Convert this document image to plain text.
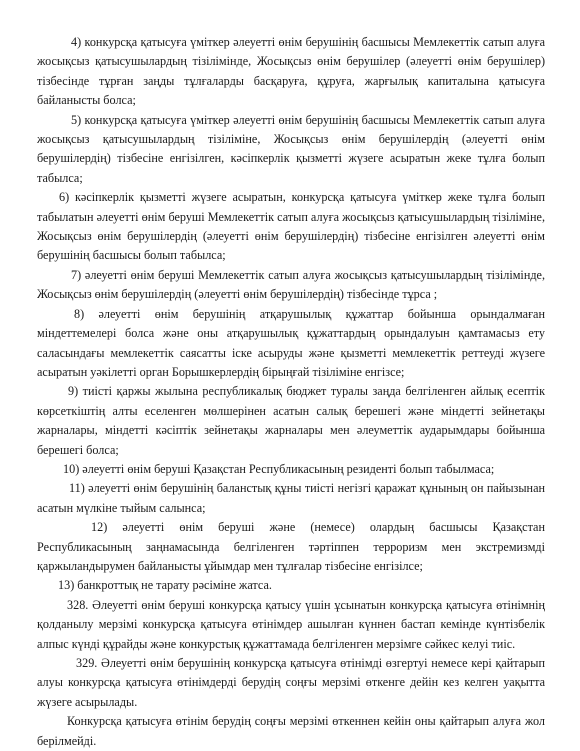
4) конкурсқа қатысуға үміткер әлеуетті өнім берушінің басшысы Мемлекеттік сатып алуға жосықсыз қатысушылардың тізілімінде, Жосықсыз өнім берушілер (әлеуетті өнім берушілер) тізбесінде тұрған заңды тұлғаларды басқаруға, құруға, жарғылық капиталына қатысуға байланысты болса;

5) конкурсқа қатысуға үміткер әлеуетті өнім берушінің басшысы Мемлекеттік сатып алуға жосықсыз қатысушылардың тізіліміне, Жосықсыз өнім берушілердің (әлеуетті өнім берушілердің) тізбесіне енгізілген, кәсіпкерлік қызметті жүзеге асыратын жеке тұлға болып табылса;

6) кәсіпкерлік қызметті жүзеге асыратын, конкурсқа қатысуға үміткер жеке тұлға болып табылатын әлеуетті өнім беруші Мемлекеттік сатып алуға жосықсыз қатысушылардың тізіліміне, Жосықсыз өнім берушілердің (әлеуетті өнім берушілердің) тізбесіне енгізілген әлеуетті өнім берушінің басшысы болып табылса;

7) әлеуетті өнім беруші Мемлекеттік сатып алуға жосықсыз қатысушылардың тізілімінде, Жосықсыз өнім берушілердің (әлеуетті өнім берушілердің) тізбесінде тұрса ;

8) әлеуетті өнім берушінің атқарушылық құжаттар бойынша орындалмаған міндеттемелері болса және оны атқарушылық құжаттардың орындалуын қамтамасыз ету саласындағы мемлекеттік саясатты іске асыруды және қызметті мемлекеттік реттеуді жүзеге асыратын уәкілетті орган Борышкерлердің бірыңғай тізіліміне енгізсе;

9) тиісті қаржы жылына республикалық бюджет туралы заңда белгіленген айлық есептік көрсеткіштің алты еселенген мөлшерінен асатын салық берешегі және міндетті зейнетақы жарналары, міндетті кәсіптік зейнетақы жарналары мен әлеуметтік аударымдары бойынша берешегі болса;

10) әлеуетті өнім беруші Қазақстан Республикасының резиденті болып табылмаса;

11) әлеуетті өнім берушінің баланстық құны тиісті негізгі қаражат құнының он пайызынан асатын мүлкіне тыйым салынса;

12) әлеуетті өнім беруші және (немесе) олардың басшысы Қазақстан Республикасының заңнамасында белгіленген тәртіппен терроризм мен экстремизмді қаржыландырумен байланысты ұйымдар мен тұлғалар тізбесіне енгізілсе;

13) банкроттық не тарату рәсіміне жатса.

328. Әлеуетті өнім беруші конкурсқа қатысу үшін ұсынатын конкурсқа қатысуға өтінімнің қолданылу мерзімі конкурсқа қатысуға өтінімдер ашылған күннен бастап кемінде күнтізбелік алпыс күнді құрайды және конкурстық құжаттамада белгіленген мерзімге сәйкес келуі тиіс.

329. Әлеуетті өнім берушінің конкурсқа қатысуға өтінімді өзгертуі немесе кері қайтарып алуы конкурсқа қатысуға өтінімдерді берудің соңғы мерзімі өткенге дейін кез келген уақытта жүзеге асырылады.

Конкурсқа қатысуға өтінім берудің соңғы мерзімі өткеннен кейін оны қайтарып алуға жол берілмейді.
